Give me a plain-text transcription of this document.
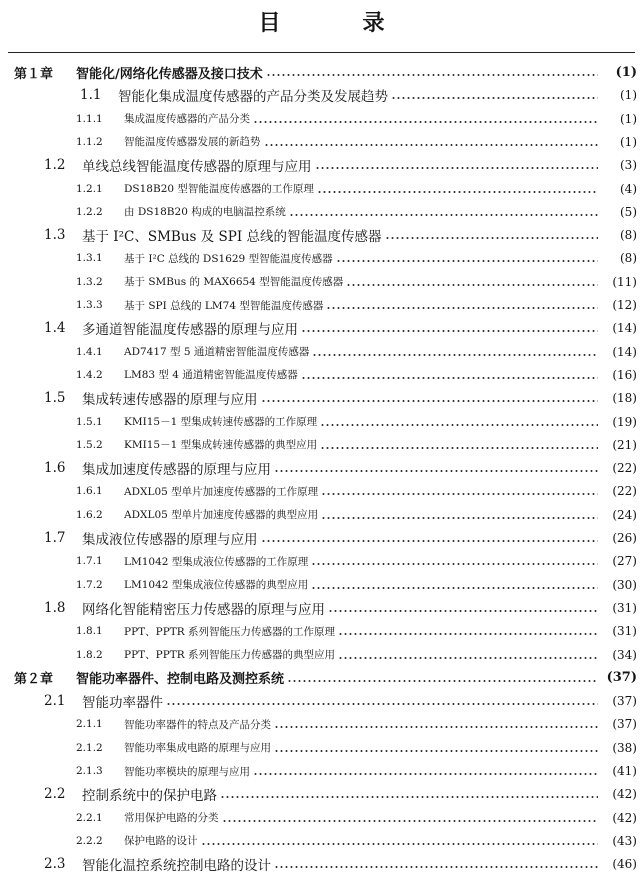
目　录
第１章	智能化/网络化传感器及接口技术	(1)
1.1	智能化集成温度传感器的产品分类及发展趋势	(1)
1.1.1	集成温度传感器的产品分类	(1)
1.1.2	智能温度传感器发展的新趋势	(1)
1.2	单线总线智能温度传感器的原理与应用	(3)
1.2.1	DS18B20 型智能温度传感器的工作原理	(4)
1.2.2	由 DS18B20 构成的电脑温控系统	(5)
1.3	基于 I²C、SMBus 及 SPI 总线的智能温度传感器	(8)
1.3.1	基于 I²C 总线的 DS1629 型智能温度传感器	(8)
1.3.2	基于 SMBus 的 MAX6654 型智能温度传感器	(11)
1.3.3	基于 SPI 总线的 LM74 型智能温度传感器	(12)
1.4	多通道智能温度传感器的原理与应用	(14)
1.4.1	AD7417 型 5 通道精密智能温度传感器	(14)
1.4.2	LM83 型 4 通道精密智能温度传感器	(16)
1.5	集成转速传感器的原理与应用	(18)
1.5.1	KMI15－1 型集成转速传感器的工作原理	(19)
1.5.2	KMI15－1 型集成转速传感器的典型应用	(21)
1.6	集成加速度传感器的原理与应用	(22)
1.6.1	ADXL05 型单片加速度传感器的工作原理	(22)
1.6.2	ADXL05 型单片加速度传感器的典型应用	(24)
1.7	集成液位传感器的原理与应用	(26)
1.7.1	LM1042 型集成液位传感器的工作原理	(27)
1.7.2	LM1042 型集成液位传感器的典型应用	(30)
1.8	网络化智能精密压力传感器的原理与应用	(31)
1.8.1	PPT、PPTR 系列智能压力传感器的工作原理	(31)
1.8.2	PPT、PPTR 系列智能压力传感器的典型应用	(34)
第２章	智能功率器件、控制电路及测控系统	(37)
2.1	智能功率器件	(37)
2.1.1	智能功率器件的特点及产品分类	(37)
2.1.2	智能功率集成电路的原理与应用	(38)
2.1.3	智能功率模块的原理与应用	(41)
2.2	控制系统中的保护电路	(42)
2.2.1	常用保护电路的分类	(42)
2.2.2	保护电路的设计	(43)
2.3	智能化温控系统控制电路的设计	(46)
